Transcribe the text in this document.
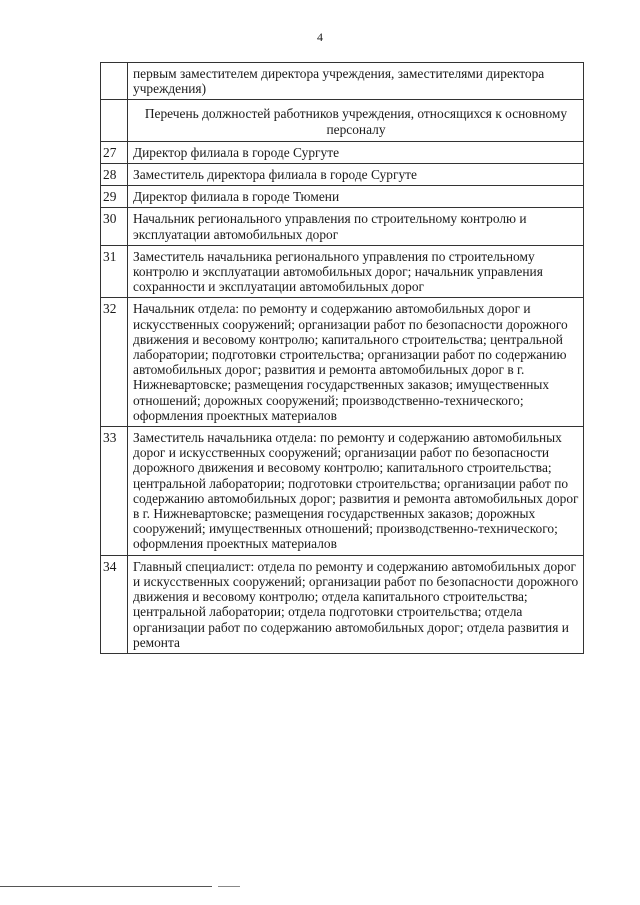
4
	первым заместителем директора учреждения, заместителями директора учреждения)
	Перечень должностей работников учреждения, относящихся к основному персоналу
27	Директор филиала в городе Сургуте
28	Заместитель директора филиала в городе Сургуте
29	Директор филиала в городе Тюмени
30	Начальник регионального управления по строительному контролю и эксплуатации автомобильных дорог
31	Заместитель начальника регионального управления по строительному контролю и эксплуатации автомобильных дорог; начальник управления сохранности и эксплуатации автомобильных дорог
32	Начальник отдела: по ремонту и содержанию автомобильных дорог и искусственных сооружений; организации работ по безопасности дорожного движения и весовому контролю; капитального строительства; центральной лаборатории; подготовки строительства; организации работ по содержанию автомобильных дорог; развития и ремонта автомобильных дорог в г. Нижневартовске; размещения государственных заказов; имущественных отношений; дорожных сооружений; производственно-технического; оформления проектных материалов
33	Заместитель начальника отдела: по ремонту и содержанию автомобильных дорог и искусственных сооружений; организации работ по безопасности дорожного движения и весовому контролю; капитального строительства; центральной лаборатории; подготовки строительства; организации работ по содержанию автомобильных дорог; развития и ремонта автомобильных дорог в г. Нижневартовске; размещения государственных заказов; дорожных сооружений; имущественных отношений; производственно-технического; оформления проектных материалов
34	Главный специалист: отдела по ремонту и содержанию автомобильных дорог и искусственных сооружений; организации работ по безопасности дорожного движения и весовому контролю; отдела капитального строительства; центральной лаборатории; отдела подготовки строительства; отдела организации работ по содержанию автомобильных дорог; отдела развития и ремонта
